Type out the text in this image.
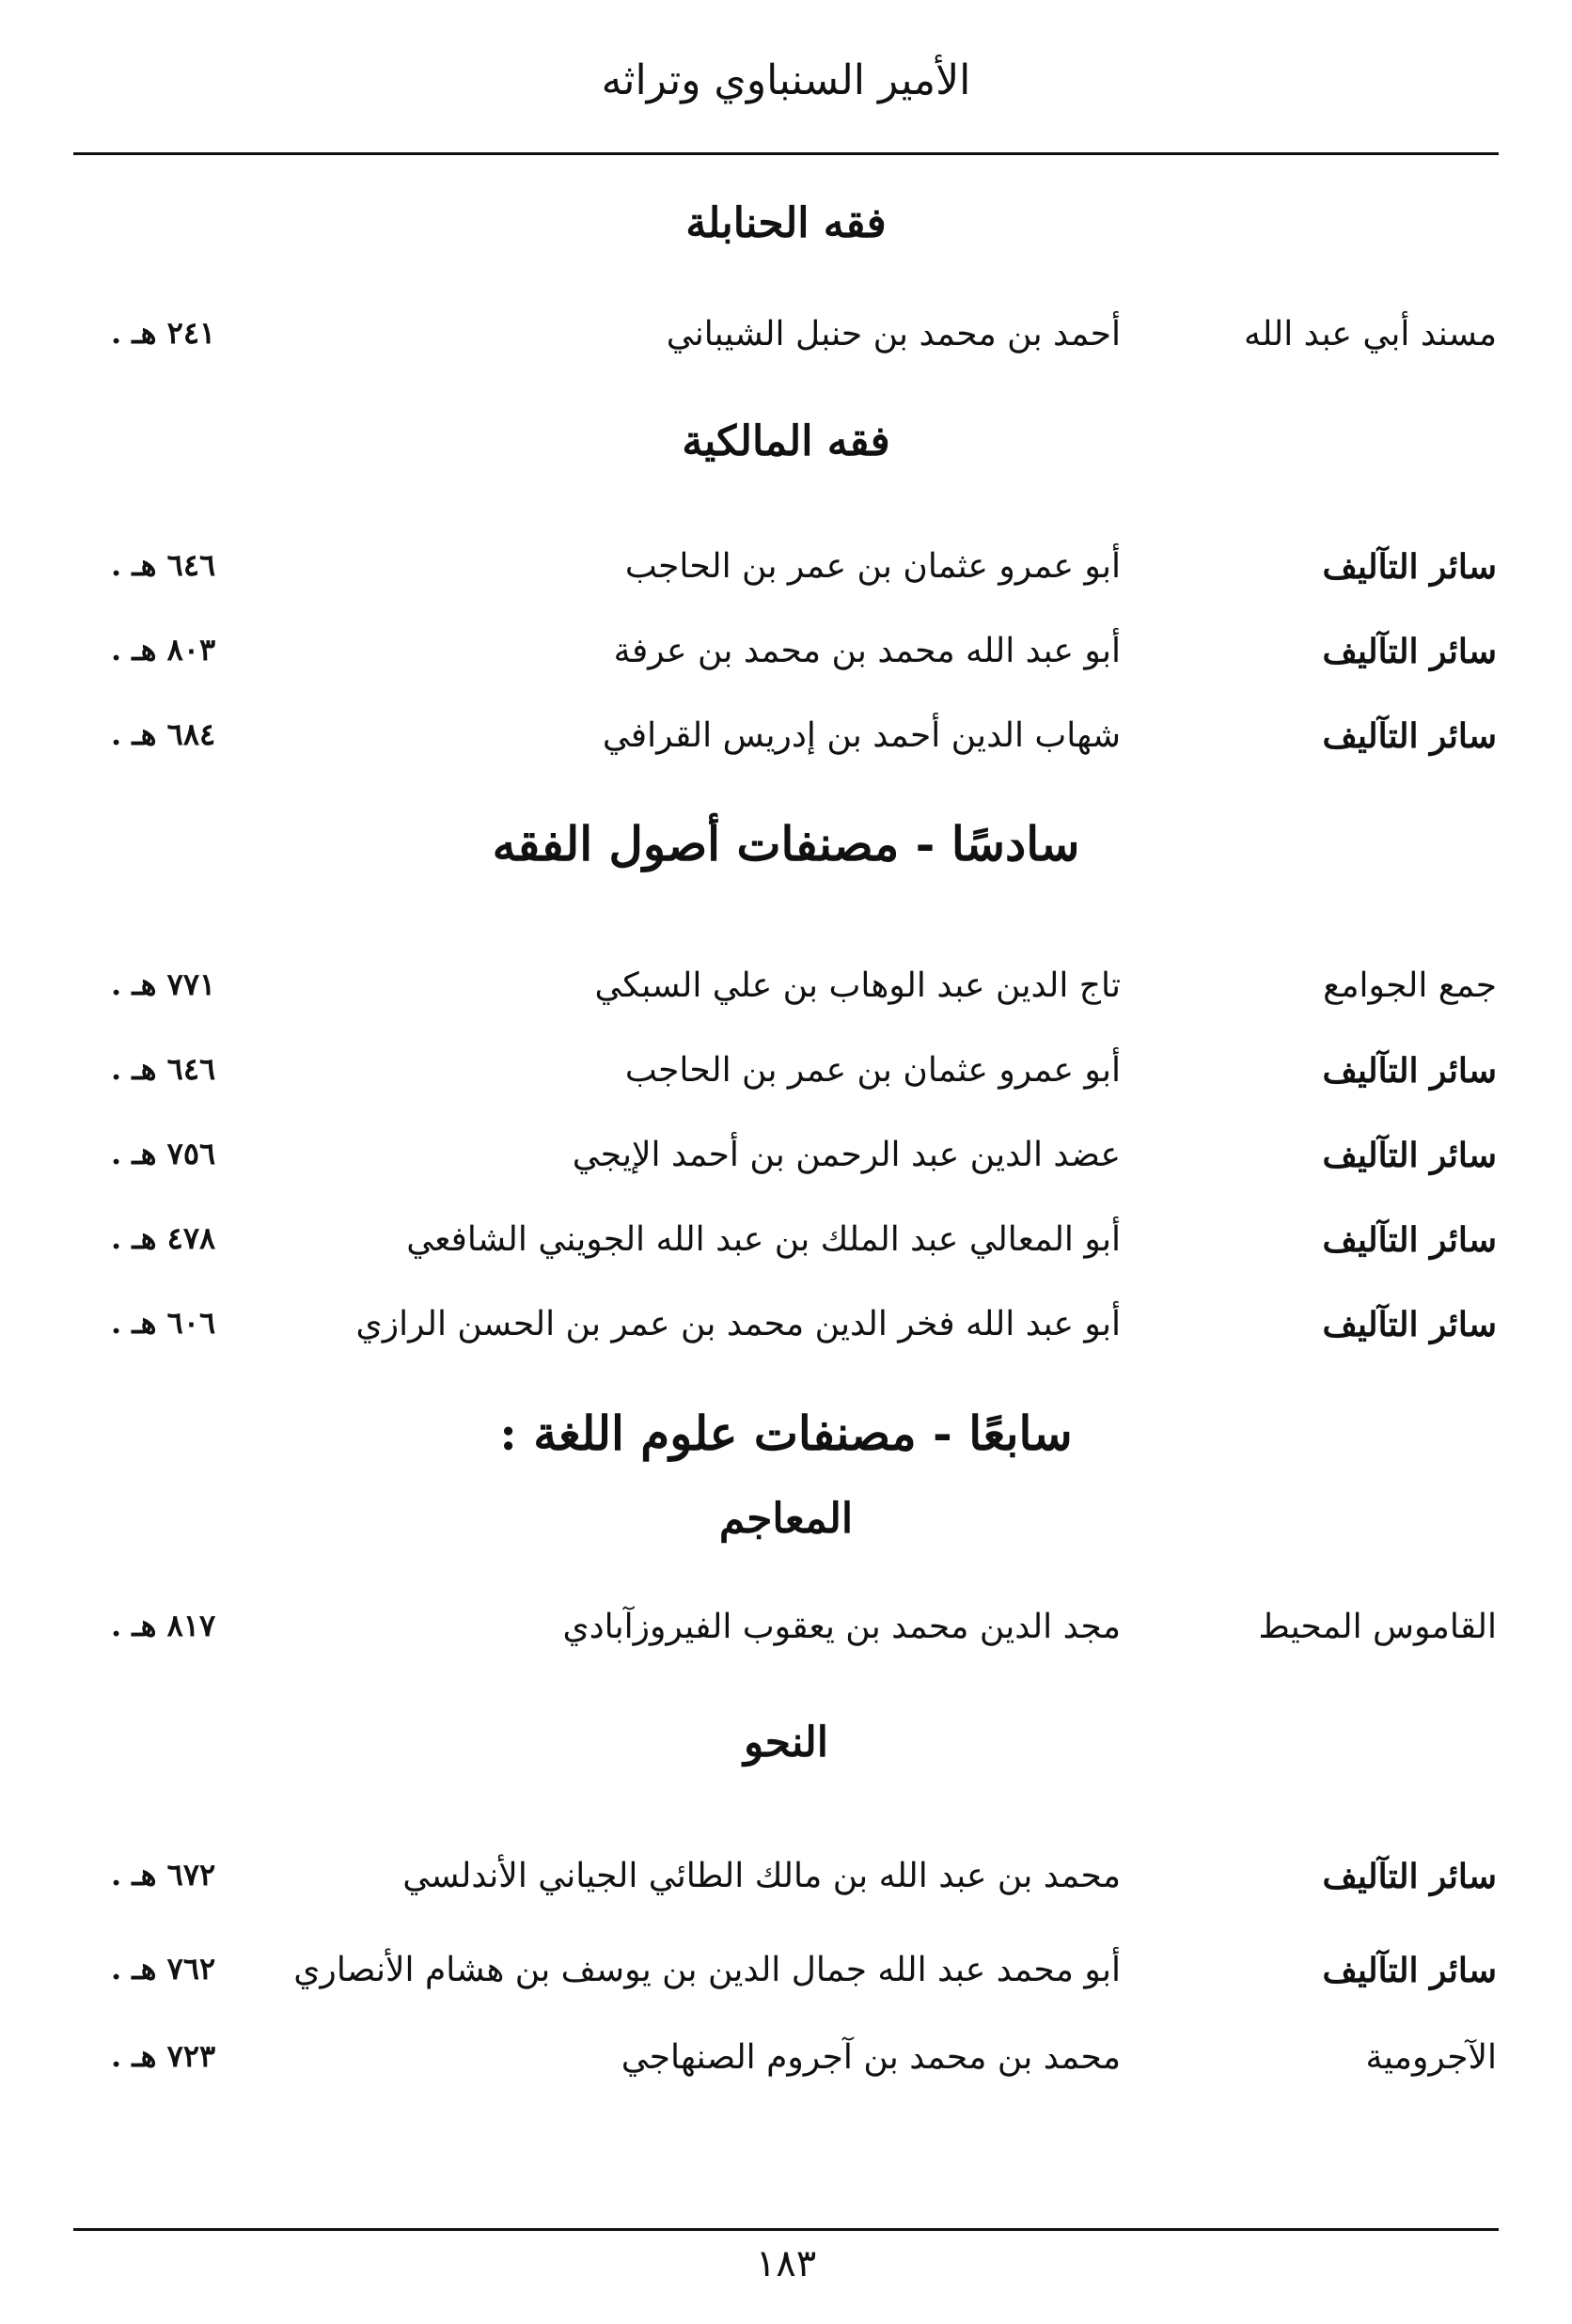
الأمير السنباوي وتراثه
فقه الحنابلة
مسند أبي عبد الله
أحمد بن محمد بن حنبل الشيباني
٢٤١ هـ .
فقه المالكية
سائر التآليف
أبو عمرو عثمان بن عمر بن الحاجب
٦٤٦ هـ .
سائر التآليف
أبو عبد الله محمد بن محمد بن عرفة
٨٠٣ هـ .
سائر التآليف
شهاب الدين أحمد بن إدريس القرافي
٦٨٤ هـ .
سادسًا - مصنفات أصول الفقه
جمع الجوامع
تاج الدين عبد الوهاب بن علي السبكي
٧٧١ هـ .
سائر التآليف
أبو عمرو عثمان بن عمر بن الحاجب
٦٤٦ هـ .
سائر التآليف
عضد الدين عبد الرحمن بن أحمد الإيجي
٧٥٦ هـ .
سائر التآليف
أبو المعالي عبد الملك بن عبد الله الجويني الشافعي
٤٧٨ هـ .
سائر التآليف
أبو عبد الله فخر الدين محمد بن عمر بن الحسن الرازي
٦٠٦ هـ .
سابعًا - مصنفات علوم اللغة :
المعاجم
القاموس المحيط
مجد الدين محمد بن يعقوب الفيروزآبادي
٨١٧ هـ .
النحو
سائر التآليف
محمد بن عبد الله بن مالك الطائي الجياني الأندلسي
٦٧٢ هـ .
سائر التآليف
أبو محمد عبد الله جمال الدين بن يوسف بن هشام الأنصاري
٧٦٢ هـ .
الآجرومية
محمد بن محمد بن آجروم الصنهاجي
٧٢٣ هـ .
١٨٣
